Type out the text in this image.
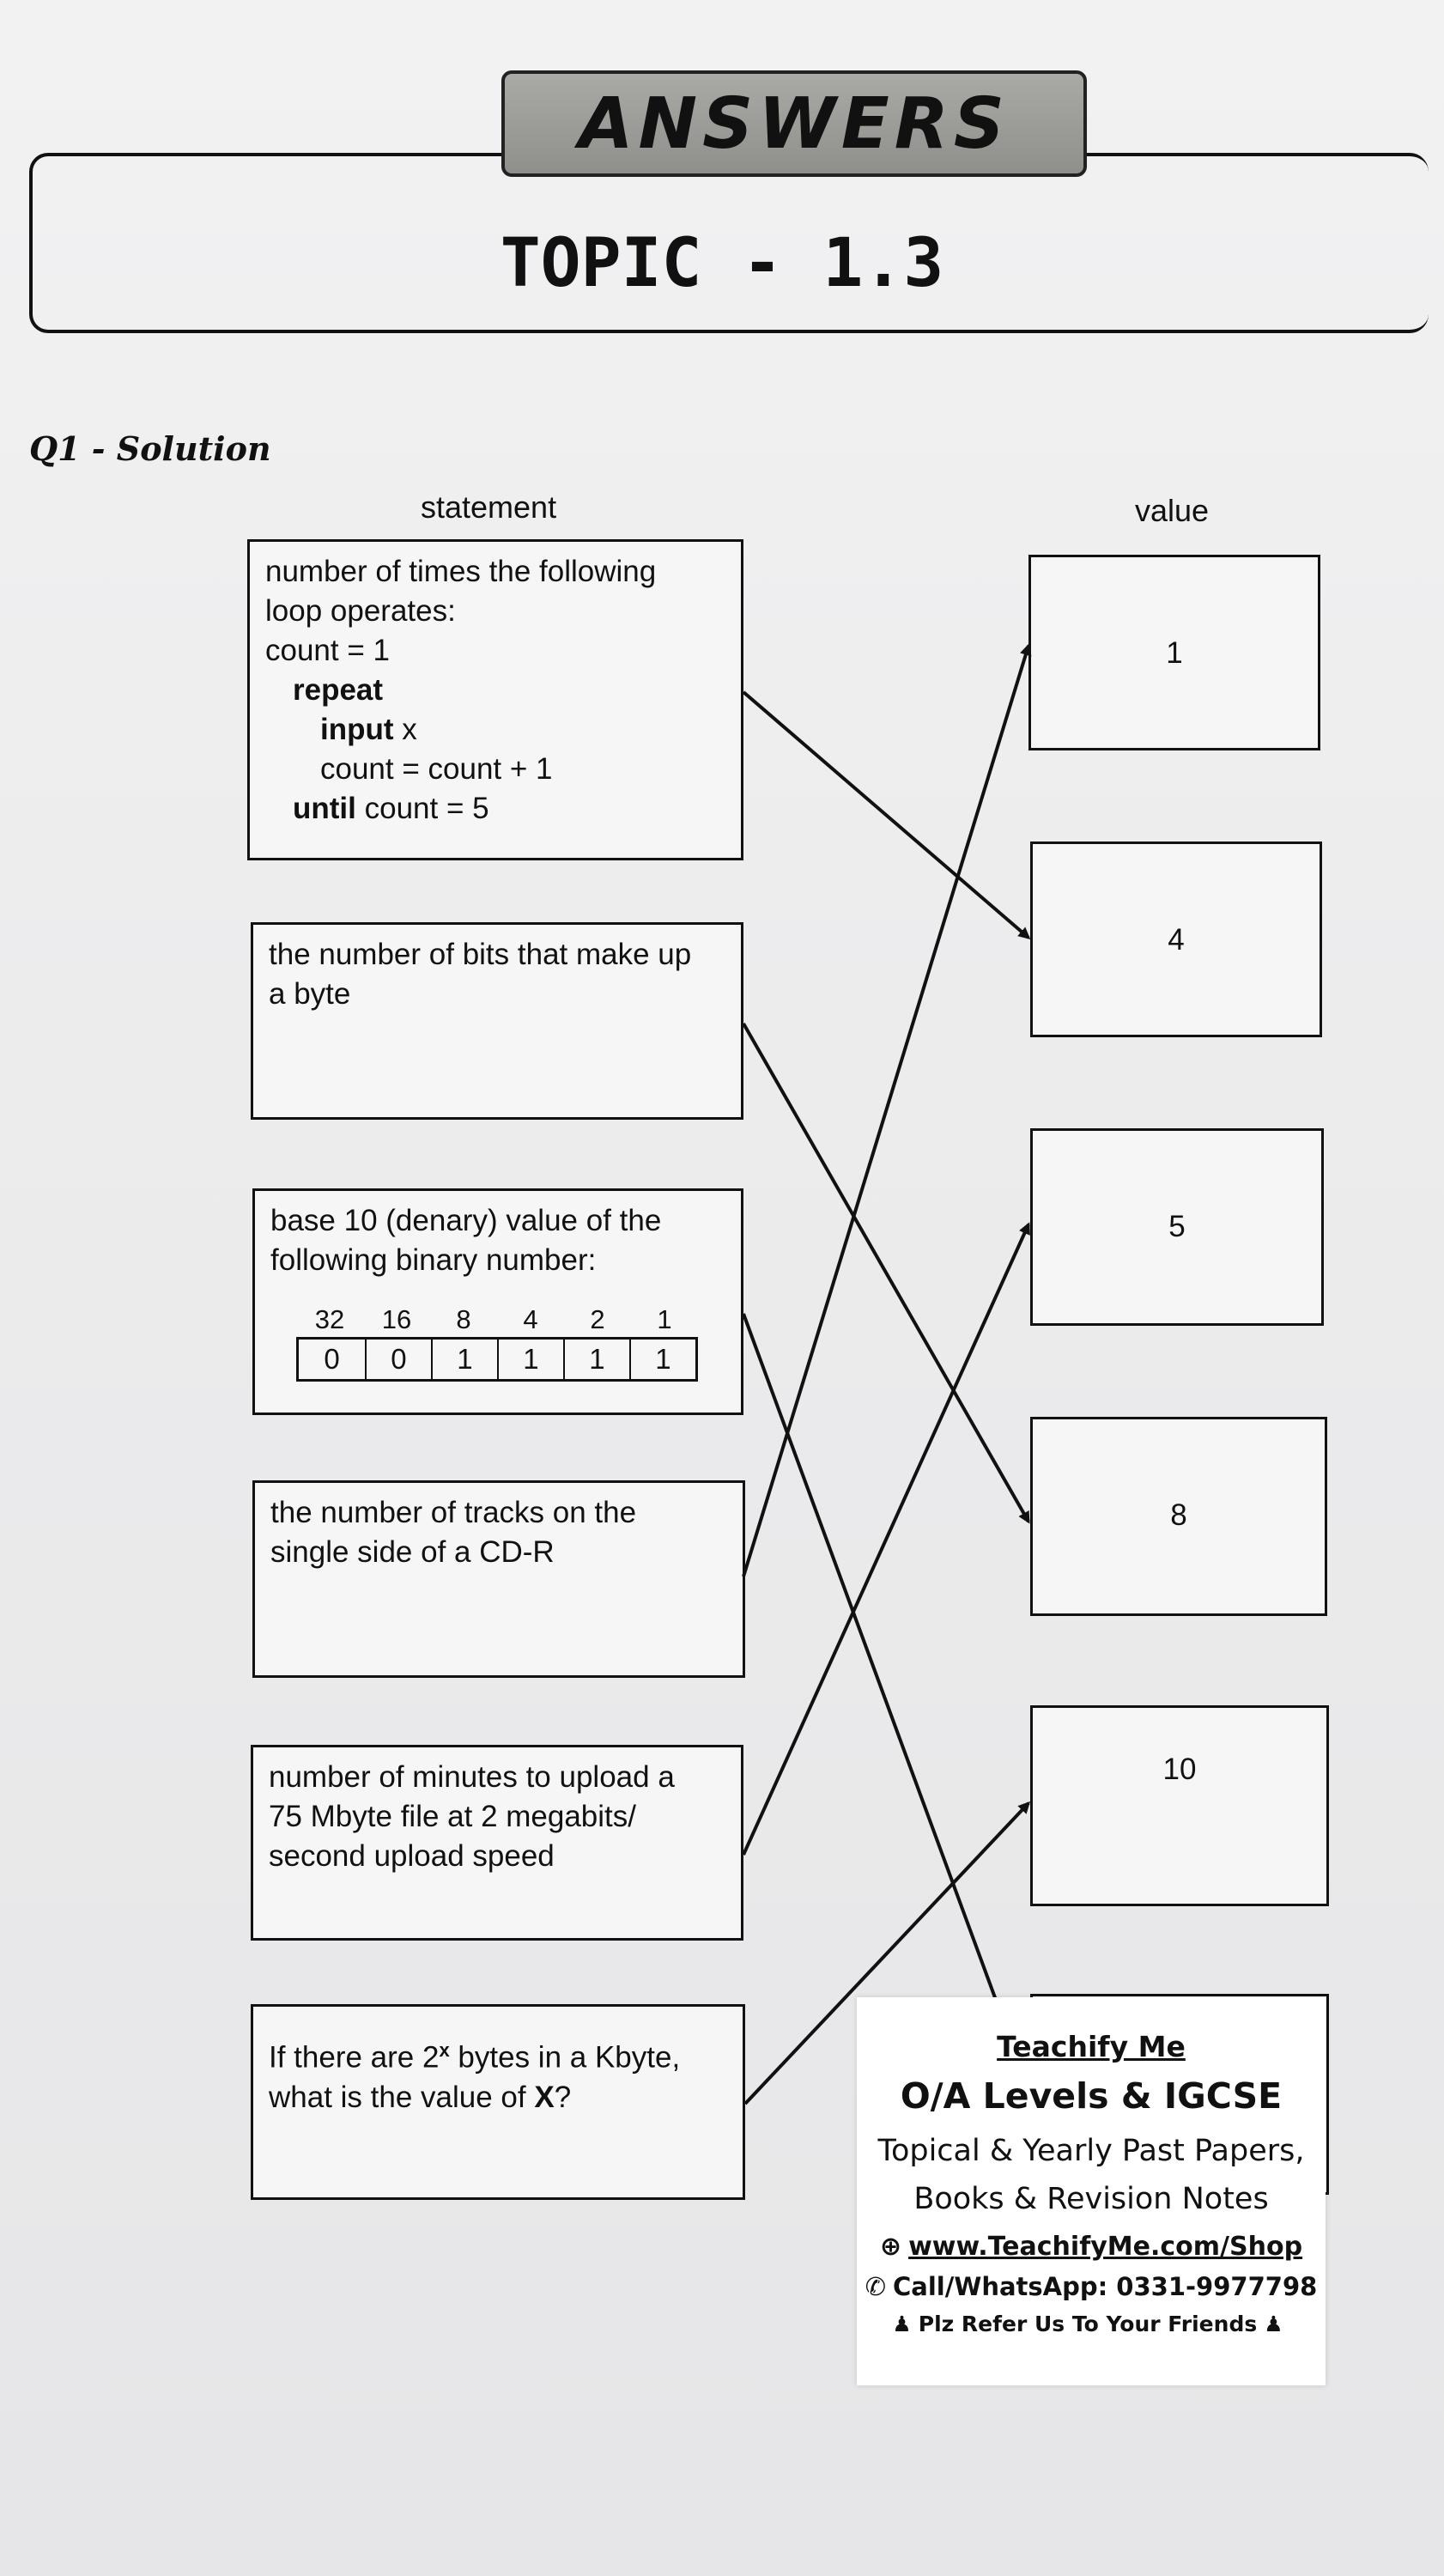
ANSWERS
TOPIC - 1.3
Q1 - Solution
statement	value
number of times the following
loop operates:
count = 1
repeat
input x
count = count + 1
until count = 5
the number of bits that make up
a byte
base 10 (denary) value of the
following binary number:
32	16	8	4	2	1
0	0	1	1	1	1
the number of tracks on the
single side of a CD-R
number of minutes to upload a
75 Mbyte file at 2 megabits/
second upload speed
If there are 2$^x$ bytes in a Kbyte,
what is the value of X?
1
4
5
8
10
Teachify Me
O/A Levels & IGCSE
Topical & Yearly Past Papers,
Books & Revision Notes
⊕ www.TeachifyMe.com/Shop
✆ Call/WhatsApp: 0331-9977798
♟ Plz Refer Us To Your Friends ♟
